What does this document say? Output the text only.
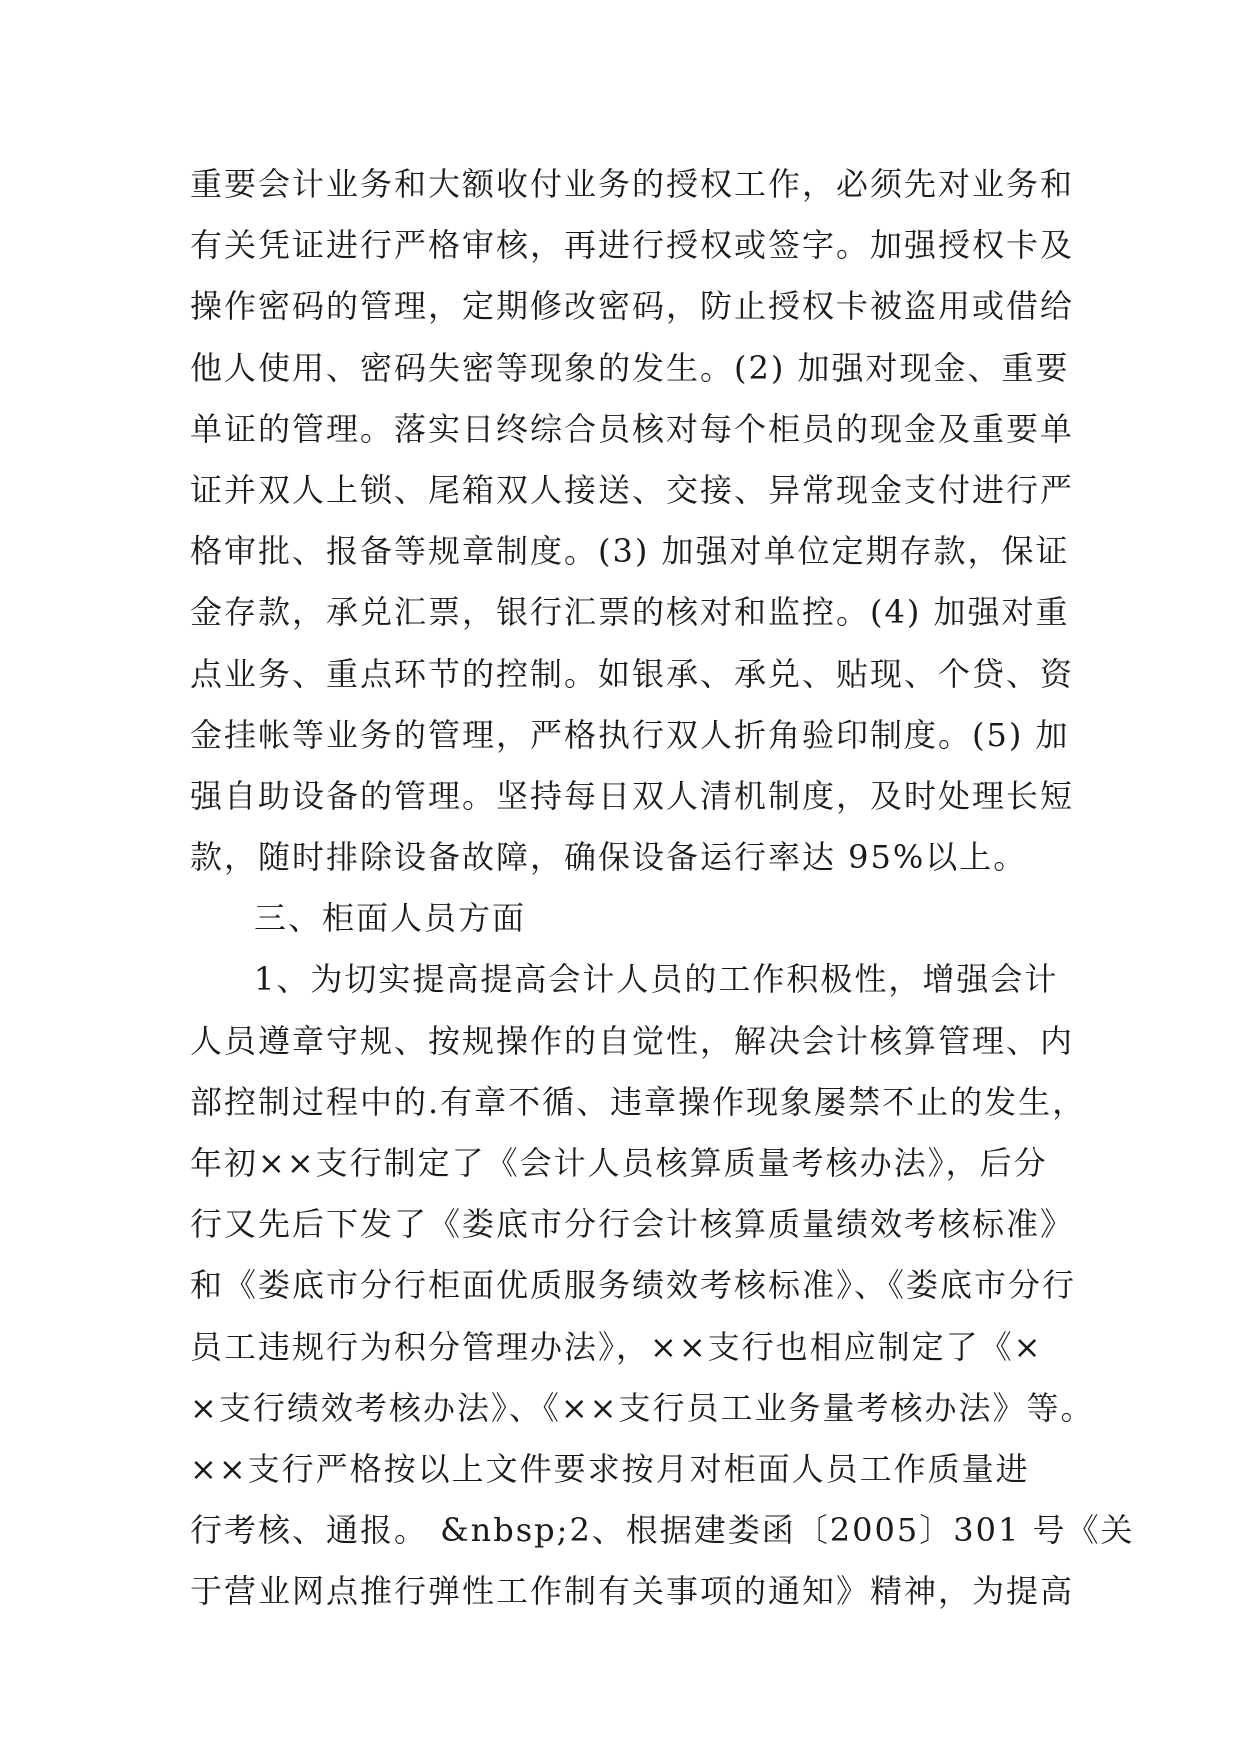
重要会计业务和大额收付业务的授权工作，必须先对业务和
有关凭证进行严格审核，再进行授权或签字。加强授权卡及
操作密码的管理，定期修改密码，防止授权卡被盗用或借给
他人使用、密码失密等现象的发生。(2) 加强对现金、重要
单证的管理。落实日终综合员核对每个柜员的现金及重要单
证并双人上锁、尾箱双人接送、交接、异常现金支付进行严
格审批、报备等规章制度。(3) 加强对单位定期存款，保证
金存款，承兑汇票，银行汇票的核对和监控。(4) 加强对重
点业务、重点环节的控制。如银承、承兑、贴现、个贷、资
金挂帐等业务的管理，严格执行双人折角验印制度。(5) 加
强自助设备的管理。坚持每日双人清机制度，及时处理长短
款，随时排除设备故障，确保设备运行率达 95%以上。
三、柜面人员方面
1、为切实提高提高会计人员的工作积极性，增强会计
人员遵章守规、按规操作的自觉性，解决会计核算管理、内
部控制过程中的.有章不循、违章操作现象屡禁不止的发生，
年初××支行制定了《会计人员核算质量考核办法》，后分
行又先后下发了《娄底市分行会计核算质量绩效考核标准》
和《娄底市分行柜面优质服务绩效考核标准》、《娄底市分行
员工违规行为积分管理办法》，××支行也相应制定了《×
×支行绩效考核办法》、《××支行员工业务量考核办法》等。
××支行严格按以上文件要求按月对柜面人员工作质量进
行考核、通报。 &nbsp;2、根据建娄函〔2005〕301 号《关
于营业网点推行弹性工作制有关事项的通知》精神，为提高
